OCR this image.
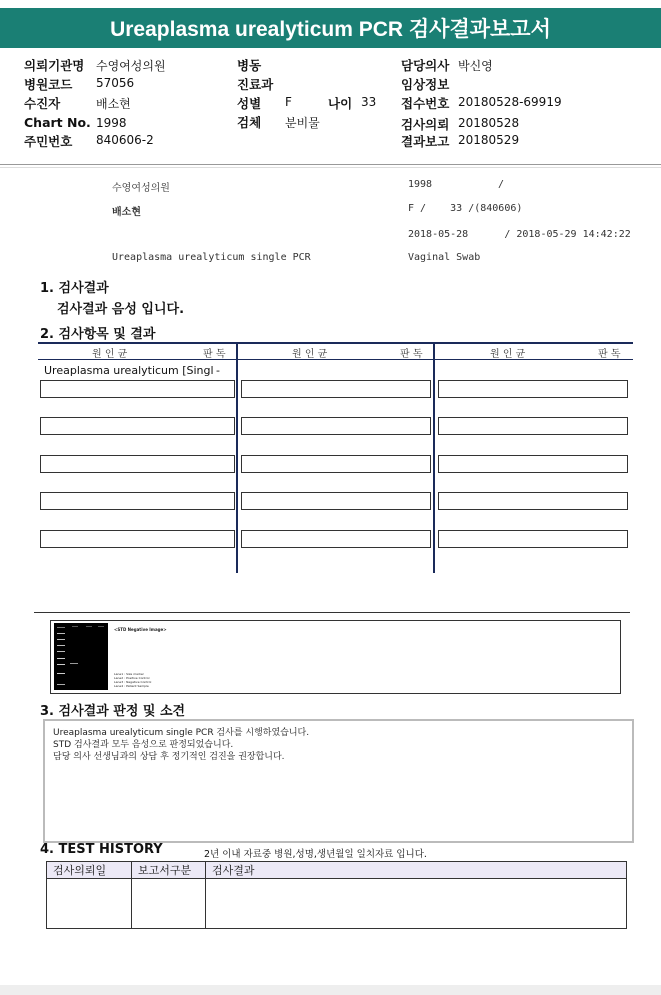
Ureaplasma urealyticum PCR 검사결과보고서
의뢰기관명 수영여성의원
병원코드 57056
수진자	배소현
Chart No. 1998
주민번호 840606-2
병동
진료과
성별 F	나이 33
검체 분비물
담당의사 박신영
임상정보
접수번호 20180528-69919
검사의뢰 20180528
결과보고 20180529
수영여성의원	1998	/
배소현	F /    33 /(840606)
2018-05-28      / 2018-05-29 14:42:22
Ureaplasma urealyticum single PCR	Vaginal Swab
1. 검사결과
검사결과 음성 입니다.
2. 검사항목 및 결과
원 인 균	판 독	원 인 균	판 독	원 인 균	판 독
Ureaplasma urealyticum [Singl -
<STD Negative Image>
Lane1 : Size marker
Lane2 : Positive Control
Lane3 : Negative Control
Lane4 : Patient Sample
3. 검사결과 판정 및 소견
Ureaplasma urealyticum single PCR 검사를 시행하였습니다.
STD 검사결과 모두 음성으로 판정되었습니다.
담당 의사 선생님과의 상담 후 정기적인 검진을 권장합니다.
4. TEST HISTORY	2년 이내 자료중 병원,성명,생년월일 일치자료 입니다.
검사의뢰일	보고서구분	검사결과
